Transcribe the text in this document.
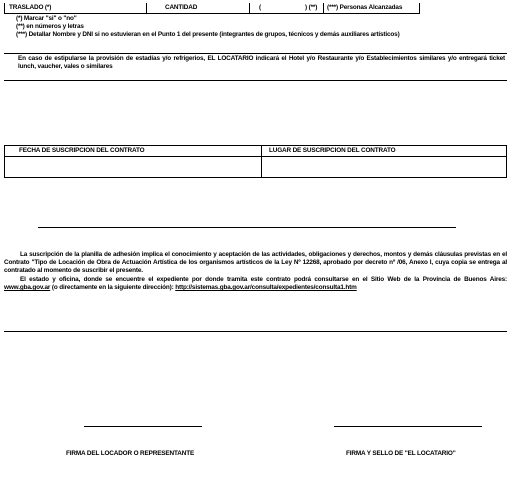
TRASLADO (*)	CANTIDAD	(	) (**) (***) Personas Alcanzadas
(*) Marcar "si" o "no"
(**) en números y letras
(***) Detallar Nombre y DNI si no estuvieran en el Punto 1 del presente (integrantes de grupos, técnicos y demás auxiliares artísticos)
En caso de estipularse la provisión de estadías y/o refrigerios, EL LOCATARIO indicará el Hotel y/o Restaurante y/o Establecimientos similares y/o entregará ticket lunch, vaucher, vales o similares
FECHA DE SUSCRIPCION DEL CONTRATO	LUGAR DE SUSCRIPCION DEL CONTRATO
La suscripción de la planilla de adhesión implica el conocimiento y aceptación de las actividades, obligaciones y derechos, montos y demás cláusulas previstas en el Contrato "Tipo de Locación de Obra de Actuación Artística de los organismos artísticos de la Ley Nº 12268, aprobado por decreto nº /06, Anexo I, cuya copia se entrega al contratado al momento de suscribir el presente.
El estado y oficina, donde se encuentre el expediente por donde tramita este contrato podrá consultarse en el Sitio Web de la Provincia de Buenos Aires: www.gba.gov.ar (o directamente en la siguiente dirección): http://sistemas.gba.gov.ar/consulta/expedientes/consulta1.htm
FIRMA DEL LOCADOR O REPRESENTANTE	FIRMA Y SELLO DE "EL LOCATARIO"
